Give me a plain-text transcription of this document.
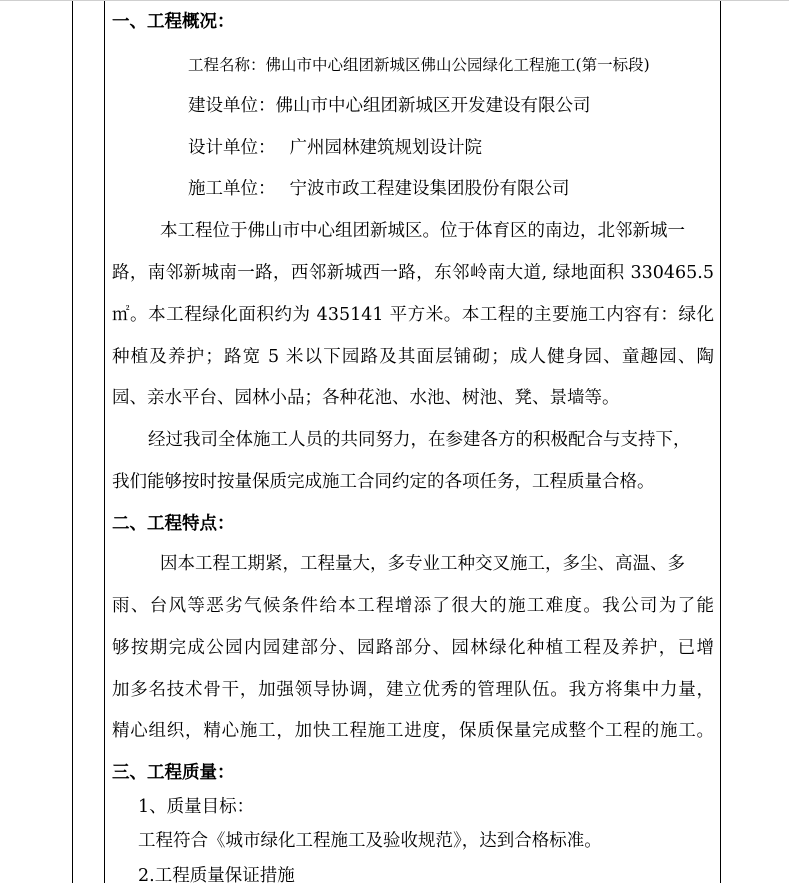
一、工程概况：
工程名称：佛山市中心组团新城区佛山公园绿化工程施工(第一标段)
建设单位：佛山市中心组团新城区开发建设有限公司
设计单位： 广州园林建筑规划设计院
施工单位： 宁波市政工程建设集团股份有限公司
本工程位于佛山市中心组团新城区。位于体育区的南边，北邻新城一
路，南邻新城南一路，西邻新城西一路，东邻岭南大道, 绿地面积 330465.5
㎡。本工程绿化面积约为 435141 平方米。本工程的主要施工内容有：绿化
种植及养护；路宽 5 米以下园路及其面层铺砌；成人健身园、童趣园、陶
园、亲水平台、园林小品；各种花池、水池、树池、凳、景墙等。
经过我司全体施工人员的共同努力，在参建各方的积极配合与支持下，
我们能够按时按量保质完成施工合同约定的各项任务，工程质量合格。
二、工程特点：
因本工程工期紧，工程量大，多专业工种交叉施工，多尘、高温、多
雨、台风等恶劣气候条件给本工程增添了很大的施工难度。我公司为了能
够按期完成公园内园建部分、园路部分、园林绿化种植工程及养护，已增
加多名技术骨干，加强领导协调，建立优秀的管理队伍。我方将集中力量，
精心组织，精心施工，加快工程施工进度，保质保量完成整个工程的施工。
三、工程质量：
1、质量目标：
工程符合《城市绿化工程施工及验收规范》，达到合格标准。
2.工程质量保证措施
